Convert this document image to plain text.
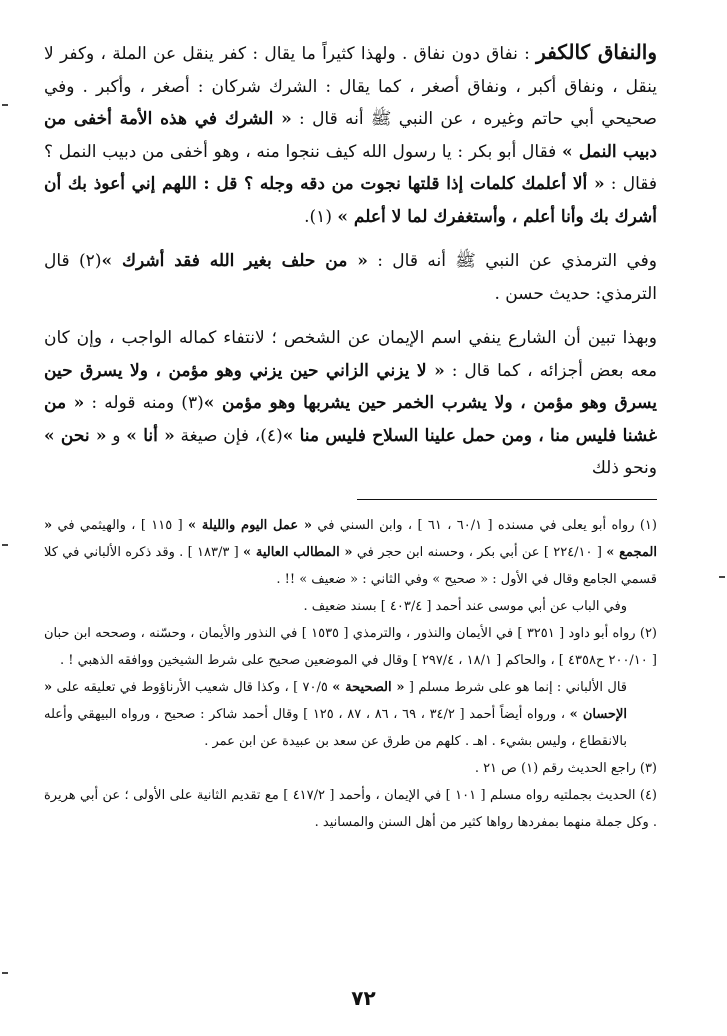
والنفاق كالكفر : نفاق دون نفاق . ولهذا كثيراً ما يقال : كفر ينقل عن الملة ، وكفر لا ينقل ، ونفاق أكبر ، ونفاق أصغر ، كما يقال : الشرك شركان : أصغر ، وأكبر . وفي صحيحي أبي حاتم وغيره ، عن النبي ﷺ أنه قال : « الشرك في هذه الأمة أخفى من دبيب النمل » فقال أبو بكر : يا رسول الله كيف ننجوا منه ، وهو أخفى من دبيب النمل ؟ فقال : « ألا أعلمك كلمات إذا قلتها نجوت من دقه وجله ؟ قل : اللهم إني أعوذ بك أن أشرك بك وأنا أعلم ، وأستغفرك لما لا أعلم » (١).

وفي الترمذي عن النبي ﷺ أنه قال : « من حلف بغير الله فقد أشرك »(٢) قال الترمذي: حديث حسن .

وبهذا تبين أن الشارع ينفي اسم الإيمان عن الشخص ؛ لانتفاء كماله الواجب ، وإن كان معه بعض أجزائه ، كما قال : « لا يزني الزاني حين يزني وهو مؤمن ، ولا يسرق حين يسرق وهو مؤمن ، ولا يشرب الخمر حين يشربها وهو مؤمن »(٣) ومنه قوله : « من غشنا فليس منا ، ومن حمل علينا السلاح فليس منا »(٤)، فإن صيغة « أنا » و « نحن » ونحو ذلك

(١) رواه أبو يعلى في مسنده [ ٦٠/١ ، ٦١ ] ، وابن السني في « عمل اليوم والليلة » [ ١١٥ ] ، والهيثمي في « المجمع » [ ٢٢٤/١٠ ] عن أبي بكر ، وحسنه ابن حجر في « المطالب العالية » [ ١٨٣/٣ ] . وقد ذكره الألباني في كلا قسمي الجامع وقال في الأول : « صحيح » وفي الثاني : « ضعيف » !! .
وفي الباب عن أبي موسى عند أحمد [ ٤٠٣/٤ ] بسند ضعيف .
(٢) رواه أبو داود [ ٣٢٥١ ] في الأيمان والنذور ، والترمذي [ ١٥٣٥ ] في النذور والأيمان ، وحسّنه ، وصححه ابن حبان [ ٢٠٠/١٠ ح٤٣٥٨ ] ، والحاكم [ ١٨/١ ، ٢٩٧/٤ ] وقال في الموضعين صحيح على شرط الشيخين ووافقه الذهبي ! .
قال الألباني : إنما هو على شرط مسلم [ « الصحيحة » ٧٠/٥ ] ، وكذا قال شعيب الأرناؤوط في تعليقه على « الإحسان » ، ورواه أيضاً أحمد [ ٣٤/٢ ، ٦٩ ، ٨٦ ، ٨٧ ، ١٢٥ ] وقال أحمد شاكر : صحيح ، ورواه البيهقي وأعله بالانقطاع ، وليس بشيء . اهـ . كلهم من طرق عن سعد بن عبيدة عن ابن عمر .
(٣) راجع الحديث رقم (١) ص ٢١ .
(٤) الحديث بجملتيه رواه مسلم [ ١٠١ ] في الإيمان ، وأحمد [ ٤١٧/٢ ] مع تقديم الثانية على الأولى ؛ عن أبي هريرة . وكل جملة منهما بمفردها رواها كثير من أهل السنن والمسانيد .
٧٢
